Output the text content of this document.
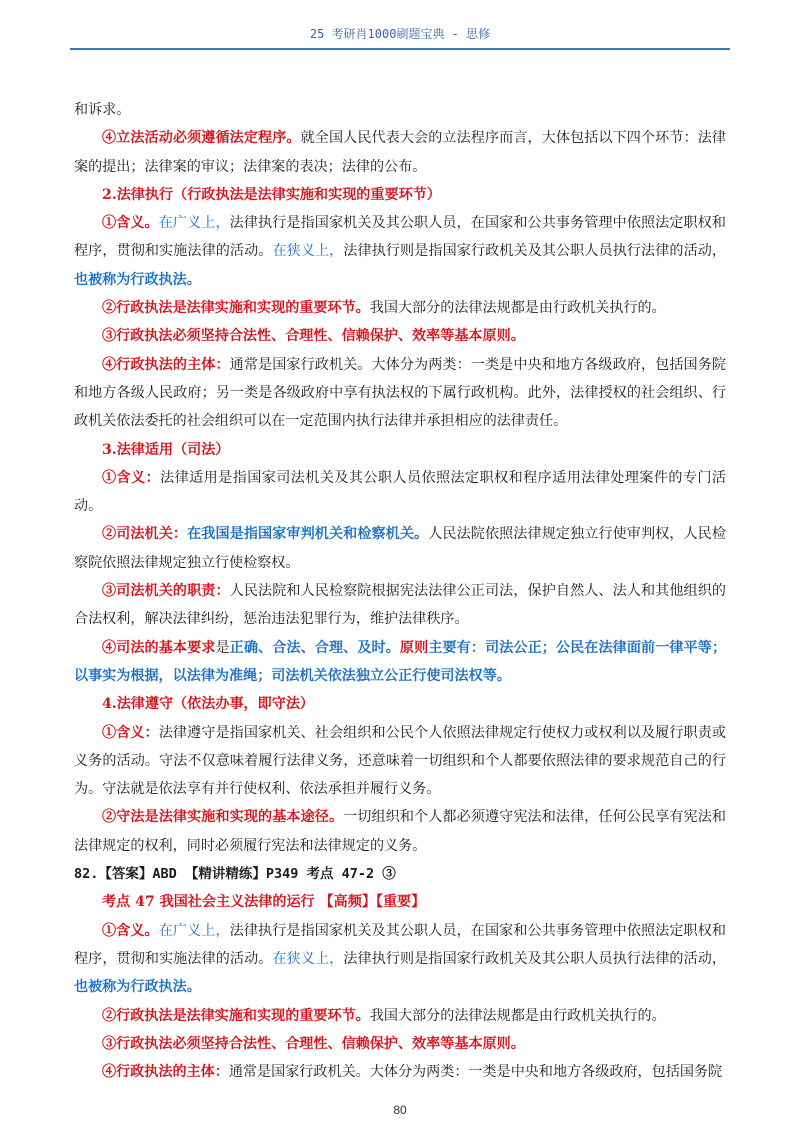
25 考研肖1000刷题宝典 - 思修

和诉求。

④立法活动必须遵循法定程序。就全国人民代表大会的立法程序而言，大体包括以下四个环节：法律案的提出；法律案的审议；法律案的表决；法律的公布。

2.法律执行（行政执法是法律实施和实现的重要环节）

①含义。在广义上，法律执行是指国家机关及其公职人员，在国家和公共事务管理中依照法定职权和程序，贯彻和实施法律的活动。在狭义上，法律执行则是指国家行政机关及其公职人员执行法律的活动，也被称为行政执法。

②行政执法是法律实施和实现的重要环节。我国大部分的法律法规都是由行政机关执行的。

③行政执法必须坚持合法性、合理性、信赖保护、效率等基本原则。

④行政执法的主体：通常是国家行政机关。大体分为两类：一类是中央和地方各级政府，包括国务院和地方各级人民政府；另一类是各级政府中享有执法权的下属行政机构。此外，法律授权的社会组织、行政机关依法委托的社会组织可以在一定范围内执行法律并承担相应的法律责任。

3.法律适用（司法）

①含义：法律适用是指国家司法机关及其公职人员依照法定职权和程序适用法律处理案件的专门活动。

②司法机关：在我国是指国家审判机关和检察机关。人民法院依照法律规定独立行使审判权，人民检察院依照法律规定独立行使检察权。

③司法机关的职责：人民法院和人民检察院根据宪法法律公正司法，保护自然人、法人和其他组织的合法权利，解决法律纠纷，惩治违法犯罪行为，维护法律秩序。

④司法的基本要求是正确、合法、合理、及时。原则主要有：司法公正；公民在法律面前一律平等；以事实为根据，以法律为准绳；司法机关依法独立公正行使司法权等。

4.法律遵守（依法办事，即守法）

①含义：法律遵守是指国家机关、社会组织和公民个人依照法律规定行使权力或权利以及履行职责或义务的活动。守法不仅意味着履行法律义务，还意味着一切组织和个人都要依照法律的要求规范自己的行为。守法就是依法享有并行使权利、依法承担并履行义务。

②守法是法律实施和实现的基本途径。一切组织和个人都必须遵守宪法和法律，任何公民享有宪法和法律规定的权利，同时必须履行宪法和法律规定的义务。

82.【答案】ABD 【精讲精练】P349 考点 47-2 ③

考点 47 我国社会主义法律的运行 【高频】【重要】

①含义。在广义上，法律执行是指国家机关及其公职人员，在国家和公共事务管理中依照法定职权和程序，贯彻和实施法律的活动。在狭义上，法律执行则是指国家行政机关及其公职人员执行法律的活动，也被称为行政执法。

②行政执法是法律实施和实现的重要环节。我国大部分的法律法规都是由行政机关执行的。

③行政执法必须坚持合法性、合理性、信赖保护、效率等基本原则。

④行政执法的主体：通常是国家行政机关。大体分为两类：一类是中央和地方各级政府，包括国务院

80
